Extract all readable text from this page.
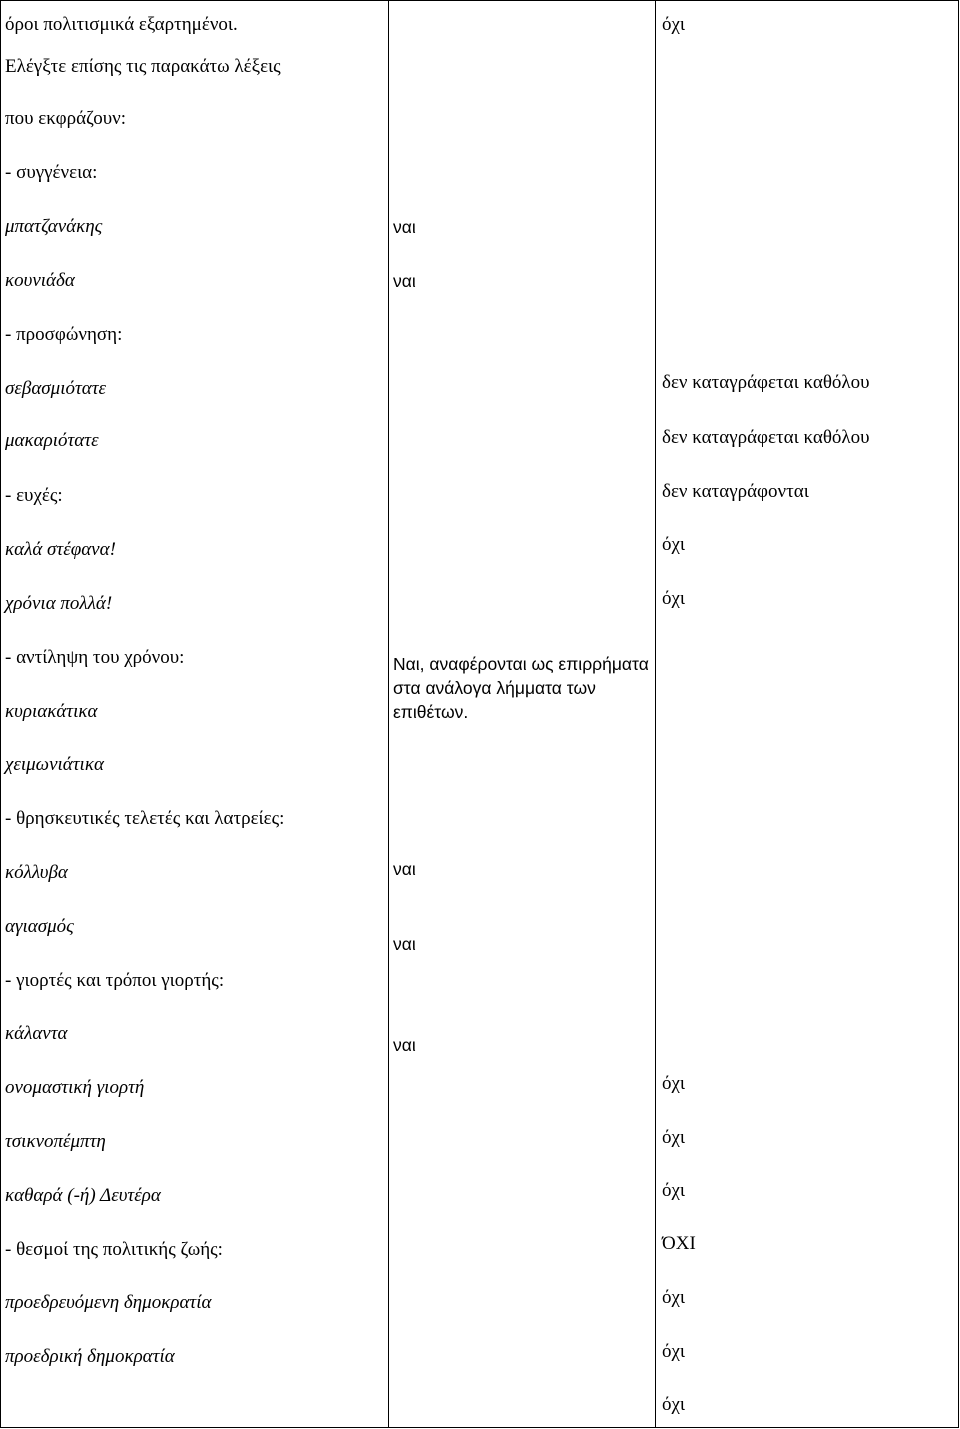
όροι πολιτισμικά εξαρτημένοι.
Ελέγξτε επίσης τις παρακάτω λέξεις
που εκφράζουν:
- συγγένεια:
μπατζανάκης
κουνιάδα
- προσφώνηση:
σεβασμιότατε
μακαριότατε
- ευχές:
καλά στέφανα!
χρόνια πολλά!
- αντίληψη του χρόνου:
κυριακάτικα
χειμωνιάτικα
- θρησκευτικές τελετές και λατρείες:
κόλλυβα
αγιασμός
- γιορτές και τρόποι γιορτής:
κάλαντα
ονομαστική γιορτή
τσικνοπέμπτη
καθαρά (-ή) Δευτέρα
- θεσμοί της πολιτικής ζωής:
προεδρευόμενη δημοκρατία
προεδρική δημοκρατία
ναι
ναι
Ναι, αναφέρονται ως επιρρήματα στα ανάλογα λήμματα των επιθέτων.
ναι
ναι
ναι
όχι
δεν καταγράφεται καθόλου
δεν καταγράφεται καθόλου
δεν καταγράφονται
όχι
όχι
όχι
όχι
όχι
ΌΧΙ
όχι
όχι
όχι
